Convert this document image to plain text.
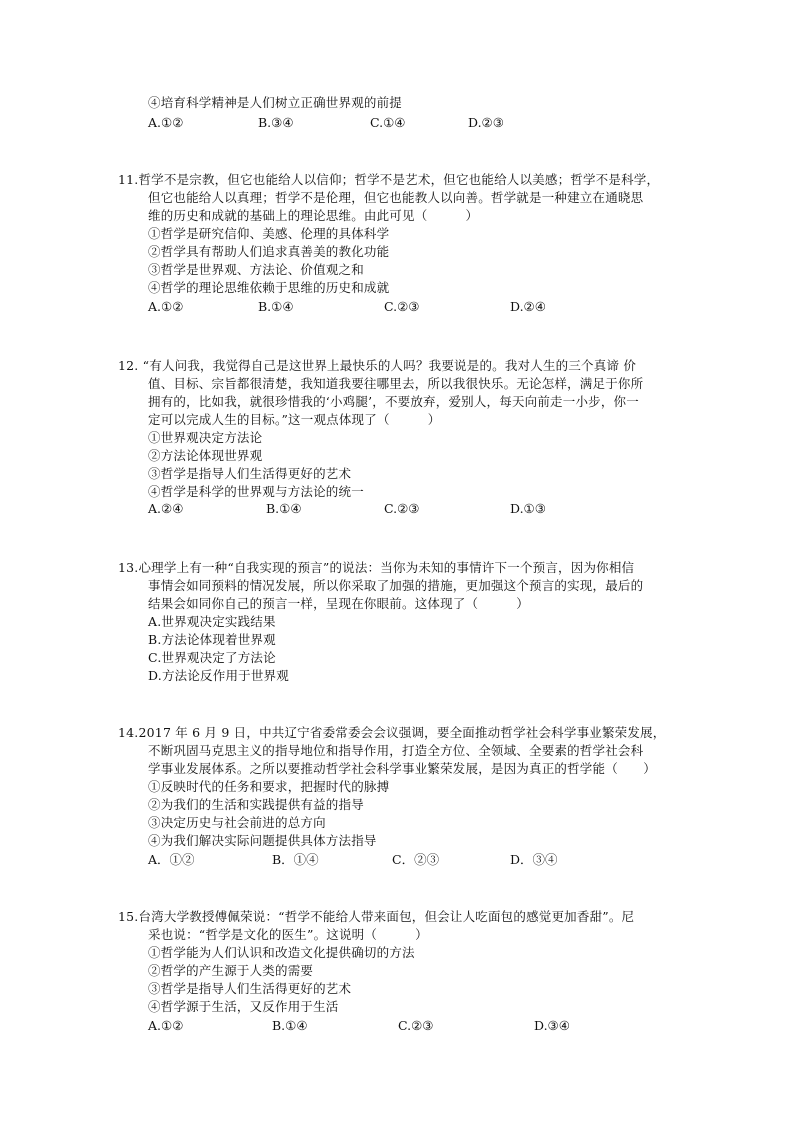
④培育科学精神是人们树立正确世界观的前提
A.①②	B.③④	C.①④	D.②③
11.哲学不是宗教，但它也能给人以信仰；哲学不是艺术，但它也能给人以美感；哲学不是科学，
但它也能给人以真理；哲学不是伦理，但它也能教人以向善。哲学就是一种建立在通晓思
维的历史和成就的基础上的理论思维。由此可见（　　　）
①哲学是研究信仰、美感、伦理的具体科学
②哲学具有帮助人们追求真善美的教化功能
③哲学是世界观、方法论、价值观之和
④哲学的理论思维依赖于思维的历史和成就
A.①②	B.①④	C.②③	D.②④
12. “有人问我，我觉得自己是这世界上最快乐的人吗？我要说是的。我对人生的三个真谛 价
值、目标、宗旨都很清楚，我知道我要往哪里去，所以我很快乐。无论怎样，满足于你所
拥有的，比如我，就很珍惜我的‘小鸡腿’，不要放弃，爱别人，每天向前走一小步，你一
定可以完成人生的目标。”这一观点体现了（　　　）
①世界观决定方法论
②方法论体现世界观
③哲学是指导人们生活得更好的艺术
④哲学是科学的世界观与方法论的统一
A.②④	B.①④	C.②③	D.①③
13.心理学上有一种“自我实现的预言”的说法：当你为未知的事情许下一个预言，因为你相信
事情会如同预料的情况发展，所以你采取了加强的措施，更加强这个预言的实现，最后的
结果会如同你自己的预言一样，呈现在你眼前。这体现了（　　　）
A.世界观决定实践结果
B.方法论体现着世界观
C.世界观决定了方法论
D.方法论反作用于世界观
14.2017 年 6 月 9 日，中共辽宁省委常委会会议强调，要全面推动哲学社会科学事业繁荣发展，
不断巩固马克思主义的指导地位和指导作用，打造全方位、全领域、全要素的哲学社会科
学事业发展体系。之所以要推动哲学社会科学事业繁荣发展，是因为真正的哲学能（　　）
①反映时代的任务和要求，把握时代的脉搏
②为我们的生活和实践提供有益的指导
③决定历史与社会前进的总方向
④为我们解决实际问题提供具体方法指导
A．①②	B．①④	C．②③	D．③④
15.台湾大学教授傅佩荣说：“哲学不能给人带来面包，但会让人吃面包的感觉更加香甜”。尼
采也说：“哲学是文化的医生”。这说明（　　　）
①哲学能为人们认识和改造文化提供确切的方法
②哲学的产生源于人类的需要
③哲学是指导人们生活得更好的艺术
④哲学源于生活，又反作用于生活
A.①②	B.①④	C.②③	D.③④
